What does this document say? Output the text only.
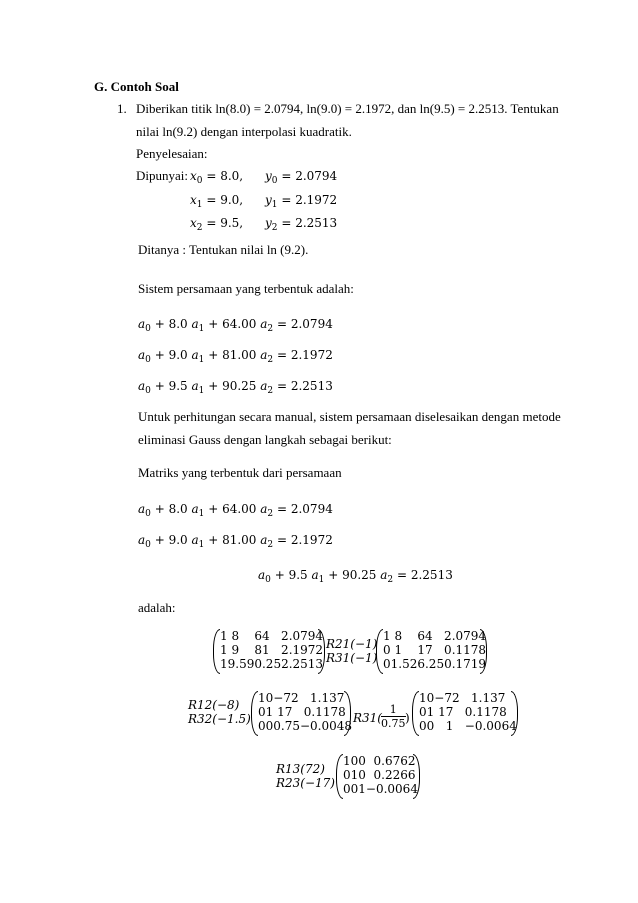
G. Contoh Soal
1. Diberikan titik ln(8.0) = 2.0794, ln(9.0) = 2.1972, dan ln(9.5) = 2.2513. Tentukan
nilai ln(9.2) dengan interpolasi kuadratik.
Penyelesaian:
Dipunyai: $x_0 = 8.0$, $y_0 = 2.0794$
$x_1 = 9.0$, $y_1 = 2.1972$
$x_2 = 9.5$, $y_2 = 2.2513$
Ditanya : Tentukan nilai ln (9.2).
Sistem persamaan yang terbentuk adalah:
$a_0 + 8.0$ $a_1 + 64.00$ $a_2 = 2.0794$
$a_0 + 9.0$ $a_1 + 81.00$ $a_2 = 2.1972$
$a_0 + 9.5$ $a_1 + 90.25$ $a_2 = 2.2513$
Untuk perhitungan secara manual, sistem persamaan diselesaikan dengan metode
eliminasi Gauss dengan langkah sebagai berikut:
Matriks yang terbentuk dari persamaan
$a_0 + 8.0$ $a_1 + 64.00$ $a_2 = 2.0794$
$a_0 + 9.0$ $a_1 + 81.00$ $a_2 = 2.1972$
$a_0 + 9.5$ $a_1 + 90.25$ $a_2 = 2.2513$
adalah:
1 8    64   2.0794
1 9    81   2.1972
19.590.252.2513
R21(−1)
R31(−1)
1 8    64   2.0794
0 1    17   0.1178
01.526.250.1719
R12(−8)
R32(−1.5)
10−72   1.137
01 17   0.1178
000.75−0.0048
$R31( \frac{1}{0.75}$ )
10−72   1.137
01 17   0.1178
00   1   −0.0064
R13(72)
R23(−17)
100  0.6762
010  0.2266
001−0.0064
